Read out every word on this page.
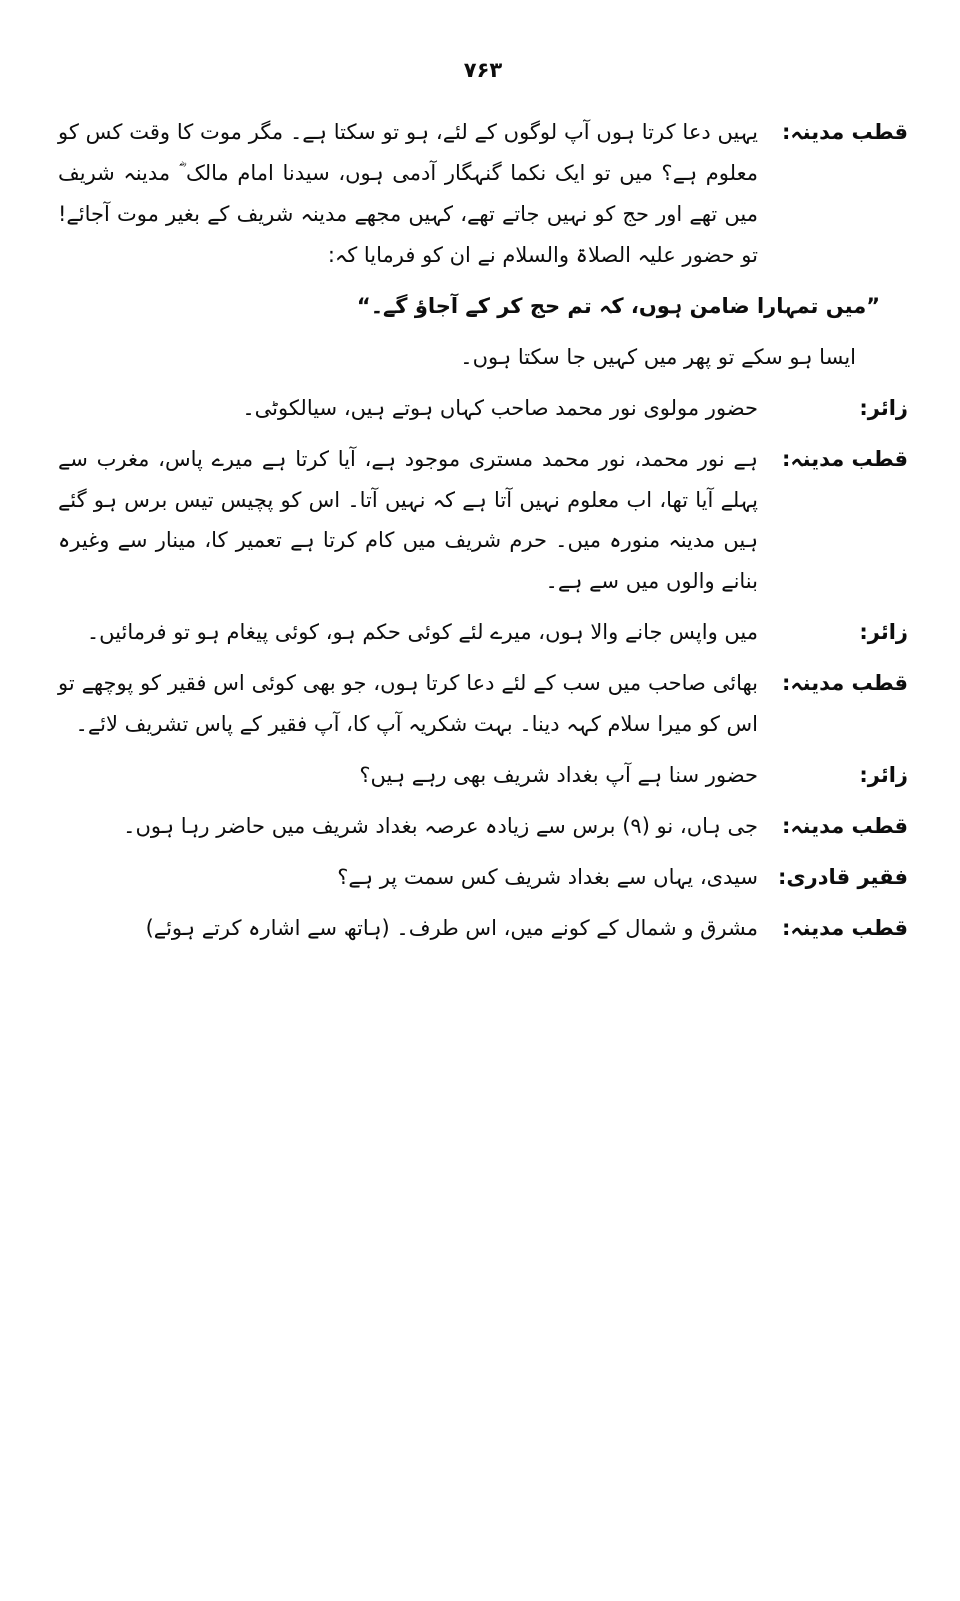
۷۶۳
قطب مدینہ:
یہیں دعا کرتا ہوں آپ لوگوں کے لئے، ہو تو سکتا ہے۔ مگر موت کا وقت کس کو معلوم ہے؟ میں تو ایک نکما گنہگار آدمی ہوں، سیدنا امام مالک ؓ مدینہ شریف میں تھے اور حج کو نہیں جاتے تھے، کہیں مجھے مدینہ شریف کے بغیر موت آجائے! تو حضور علیہ الصلاۃ والسلام نے ان کو فرمایا کہ:
”میں تمہارا ضامن ہوں، کہ تم حج کر کے آجاؤ گے۔“
ایسا ہو سکے تو پھر میں کہیں جا سکتا ہوں۔
زائر:
حضور مولوی نور محمد صاحب کہاں ہوتے ہیں، سیالکوٹی۔
قطب مدینہ:
ہے نور محمد، نور محمد مستری موجود ہے، آیا کرتا ہے میرے پاس، مغرب سے پہلے آیا تھا، اب معلوم نہیں آتا ہے کہ نہیں آتا۔ اس کو پچیس تیس برس ہو گئے ہیں مدینہ منورہ میں۔ حرم شریف میں کام کرتا ہے تعمیر کا، مینار سے وغیرہ بنانے والوں میں سے ہے۔
زائر:
میں واپس جانے والا ہوں، میرے لئے کوئی حکم ہو، کوئی پیغام ہو تو فرمائیں۔
قطب مدینہ:
بھائی صاحب میں سب کے لئے دعا کرتا ہوں، جو بھی کوئی اس فقیر کو پوچھے تو اس کو میرا سلام کہہ دینا۔ بہت شکریہ آپ کا، آپ فقیر کے پاس تشریف لائے۔
زائر:
حضور سنا ہے آپ بغداد شریف بھی رہے ہیں؟
قطب مدینہ:
جی ہاں، نو (۹) برس سے زیادہ عرصہ بغداد شریف میں حاضر رہا ہوں۔
فقیر قادری:
سیدی، یہاں سے بغداد شریف کس سمت پر ہے؟
قطب مدینہ:
مشرق و شمال کے کونے میں، اس طرف۔ (ہاتھ سے اشارہ کرتے ہوئے)
